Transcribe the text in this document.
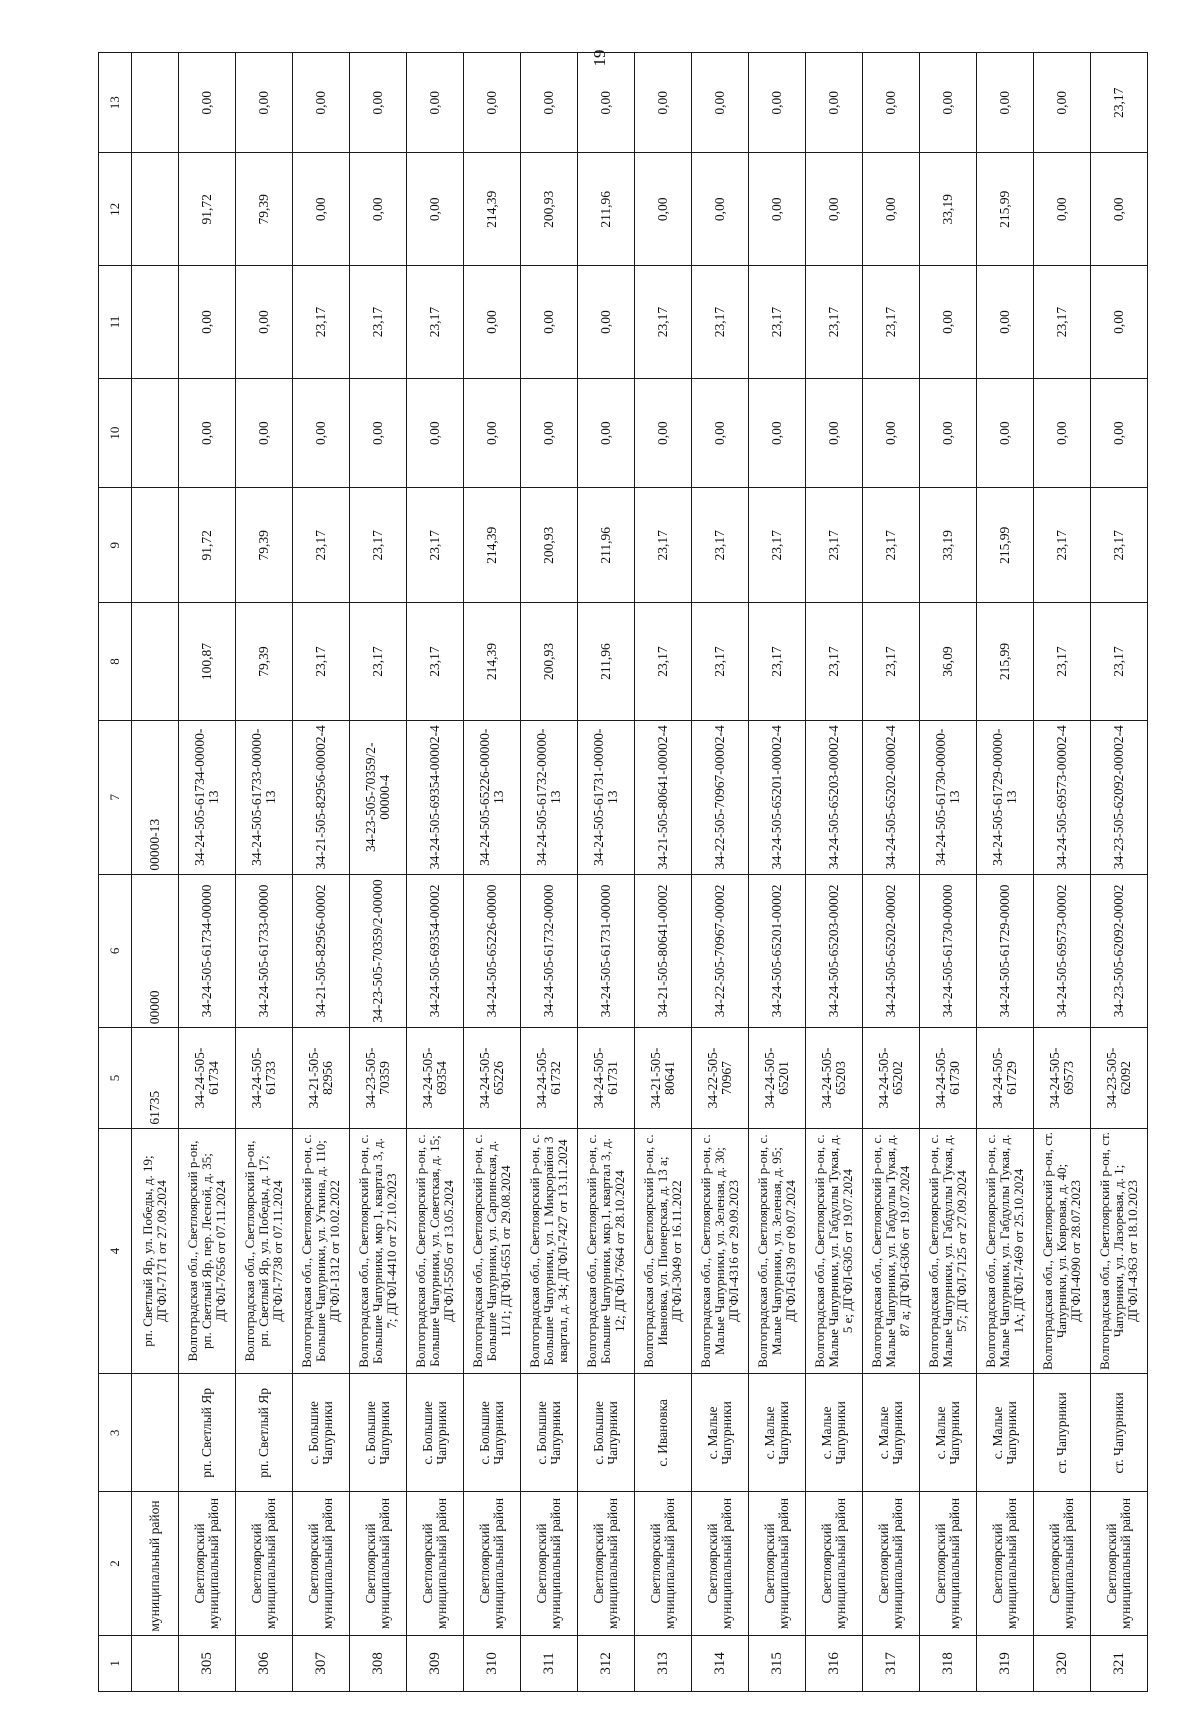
19
1	2	3	4	5	6	7	8	9	10	11	12	13
	муниципальный район		рп. Светлый Яр, ул. Победы, д. 19; ДГФЛ-7171 от 27.09.2024	61735	00000	00000-13						
305	Светлоярский муниципальный район	рп. Светлый Яр	Волгоградская обл., Светлоярский р-он, рп. Светлый Яр, пер. Лесной, д. 35; ДГФЛ-7656 от 07.11.2024	34-24-505-61734	34-24-505-61734-00000	34-24-505-61734-00000-13	100,87	91,72	0,00	0,00	91,72	0,00
306	Светлоярский муниципальный район	рп. Светлый Яр	Волгоградская обл., Светлоярский р-он, рп. Светлый Яр, ул. Победы, д. 17; ДГФЛ-7738 от 07.11.2024	34-24-505-61733	34-24-505-61733-00000	34-24-505-61733-00000-13	79,39	79,39	0,00	0,00	79,39	0,00
307	Светлоярский муниципальный район	с. Большие Чапурники	Волгоградская обл., Светлоярский р-он, с. Большие Чапурники, ул. Уткина, д. 110; ДГФЛ-1312 от 10.02.2022	34-21-505-82956	34-21-505-82956-00002	34-21-505-82956-00002-4	23,17	23,17	0,00	23,17	0,00	0,00
308	Светлоярский муниципальный район	с. Большие Чапурники	Волгоградская обл., Светлоярский р-он, с. Большие Чапурники, мкр 1, квартал 3, д. 7; ДГФЛ-4410 от 27.10.2023	34-23-505-70359	34-23-505-70359/2-00000	34-23-505-70359/2-00000-4	23,17	23,17	0,00	23,17	0,00	0,00
309	Светлоярский муниципальный район	с. Большие Чапурники	Волгоградская обл., Светлоярский р-он, с. Большие Чапурники, ул. Советская, д. 15; ДГФЛ-5505 от 13.05.2024	34-24-505-69354	34-24-505-69354-00002	34-24-505-69354-00002-4	23,17	23,17	0,00	23,17	0,00	0,00
310	Светлоярский муниципальный район	с. Большие Чапурники	Волгоградская обл., Светлоярский р-он, с. Большие Чапурники, ул. Сарпинская, д. 11/1; ДГФЛ-6551 от 29.08.2024	34-24-505-65226	34-24-505-65226-00000	34-24-505-65226-00000-13	214,39	214,39	0,00	0,00	214,39	0,00
311	Светлоярский муниципальный район	с. Большие Чапурники	Волгоградская обл., Светлоярский р-он, с. Большие Чапурники, ул. 1 Микрорайон 3 квартал, д. 34; ДГФЛ-7427 от 13.11.2024	34-24-505-61732	34-24-505-61732-00000	34-24-505-61732-00000-13	200,93	200,93	0,00	0,00	200,93	0,00
312	Светлоярский муниципальный район	с. Большие Чапурники	Волгоградская обл., Светлоярский р-он, с. Большие Чапурники, мкр.1, квартал 3, д. 12; ДГФЛ-7664 от 28.10.2024	34-24-505-61731	34-24-505-61731-00000	34-24-505-61731-00000-13	211,96	211,96	0,00	0,00	211,96	0,00
313	Светлоярский муниципальный район	с. Ивановка	Волгоградская обл., Светлоярский р-он, с. Ивановка, ул. Пионерская, д. 13 а; ДГФЛ-3049 от 16.11.2022	34-21-505-80641	34-21-505-80641-00002	34-21-505-80641-00002-4	23,17	23,17	0,00	23,17	0,00	0,00
314	Светлоярский муниципальный район	с. Малые Чапурники	Волгоградская обл., Светлоярский р-он, с. Малые Чапурники, ул. Зеленая, д. 30; ДГФЛ-4316 от 29.09.2023	34-22-505-70967	34-22-505-70967-00002	34-22-505-70967-00002-4	23,17	23,17	0,00	23,17	0,00	0,00
315	Светлоярский муниципальный район	с. Малые Чапурники	Волгоградская обл., Светлоярский р-он, с. Малые Чапурники, ул. Зеленая, д. 95; ДГФЛ-6139 от 09.07.2024	34-24-505-65201	34-24-505-65201-00002	34-24-505-65201-00002-4	23,17	23,17	0,00	23,17	0,00	0,00
316	Светлоярский муниципальный район	с. Малые Чапурники	Волгоградская обл., Светлоярский р-он, с. Малые Чапурники, ул. Габдуллы Тукая, д. 5 е; ДГФЛ-6305 от 19.07.2024	34-24-505-65203	34-24-505-65203-00002	34-24-505-65203-00002-4	23,17	23,17	0,00	23,17	0,00	0,00
317	Светлоярский муниципальный район	с. Малые Чапурники	Волгоградская обл., Светлоярский р-он, с. Малые Чапурники, ул. Габдуллы Тукая, д. 87 а; ДГФЛ-6306 от 19.07.2024	34-24-505-65202	34-24-505-65202-00002	34-24-505-65202-00002-4	23,17	23,17	0,00	23,17	0,00	0,00
318	Светлоярский муниципальный район	с. Малые Чапурники	Волгоградская обл., Светлоярский р-он, с. Малые Чапурники, ул. Габдуллы Тукая, д. 57; ДГФЛ-7125 от 27.09.2024	34-24-505-61730	34-24-505-61730-00000	34-24-505-61730-00000-13	36,09	33,19	0,00	0,00	33,19	0,00
319	Светлоярский муниципальный район	с. Малые Чапурники	Волгоградская обл., Светлоярский р-он, с. Малые Чапурники, ул. Габдуллы Тукая, д. 1А; ДГФЛ-7469 от 25.10.2024	34-24-505-61729	34-24-505-61729-00000	34-24-505-61729-00000-13	215,99	215,99	0,00	0,00	215,99	0,00
320	Светлоярский муниципальный район	ст. Чапурники	Волгоградская обл., Светлоярский р-он, ст. Чапурники, ул. Ковровая, д. 40; ДГФЛ-4090 от 28.07.2023	34-24-505-69573	34-24-505-69573-00002	34-24-505-69573-00002-4	23,17	23,17	0,00	23,17	0,00	0,00
321	Светлоярский муниципальный район	ст. Чапурники	Волгоградская обл., Светлоярский р-он, ст. Чапурники, ул. Лазоревая, д. 1; ДГФЛ-4363 от 18.10.2023	34-23-505-62092	34-23-505-62092-00002	34-23-505-62092-00002-4	23,17	23,17	0,00	0,00	0,00	23,17
